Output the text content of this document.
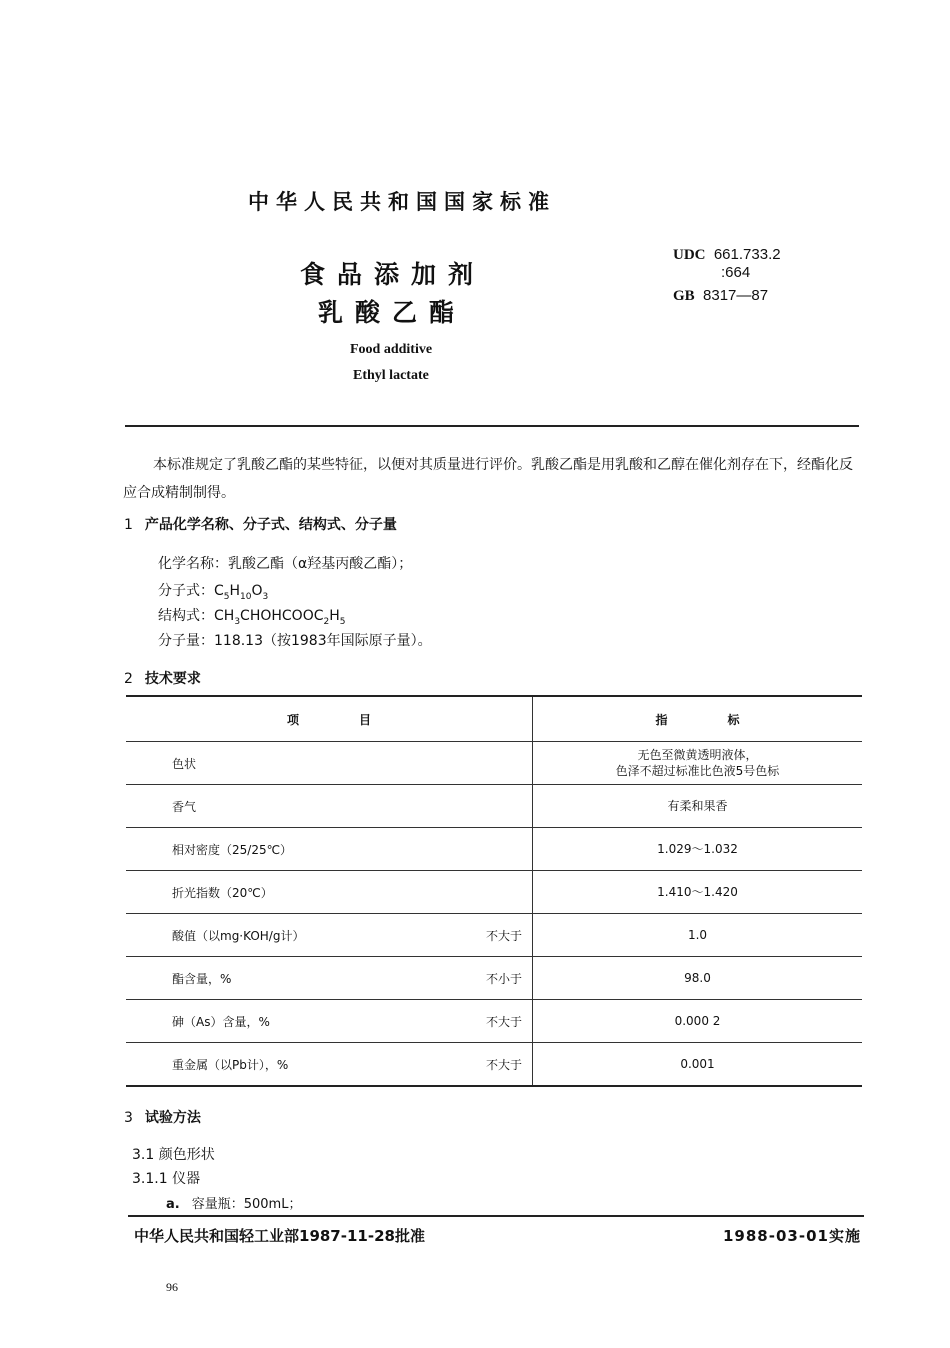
中华人民共和国国家标准
食品添加剂
乳酸乙酯
Food additive
Ethyl lactate
UDC 661.733.2
:664
GB 8317—87
本标准规定了乳酸乙酯的某些特征，以便对其质量进行评价。乳酸乙酯是用乳酸和乙醇在催化剂存在下，经酯化反应合成精制制得。
1 产品化学名称、分子式、结构式、分子量
化学名称：乳酸乙酯（α羟基丙酸乙酯）；
分子式：$C_5H_{10}O_3$
结构式：$CH_3CHOHCOOC_2H_5$
分子量：118.13（按1983年国际原子量）。
2 技术要求
项　　　　　目		指　　　　　标
色状		无色至微黄透明液体，
色泽不超过标准比色液5号色标
香气		有柔和果香
相对密度（25/25℃）		1.029～1.032
折光指数（20℃）		1.410～1.420
酸值（以mg·KOH/g计）	不大于	1.0
酯含量，%	不小于	98.0
砷（As）含量，%	不大于	0.000 2
重金属（以Pb计），%	不大于	0.001
3 试验方法
3.1 颜色形状
3.1.1 仪器
a. 容量瓶：500mL；
中华人民共和国轻工业部1987-11-28批准	1988-03-01实施
96
